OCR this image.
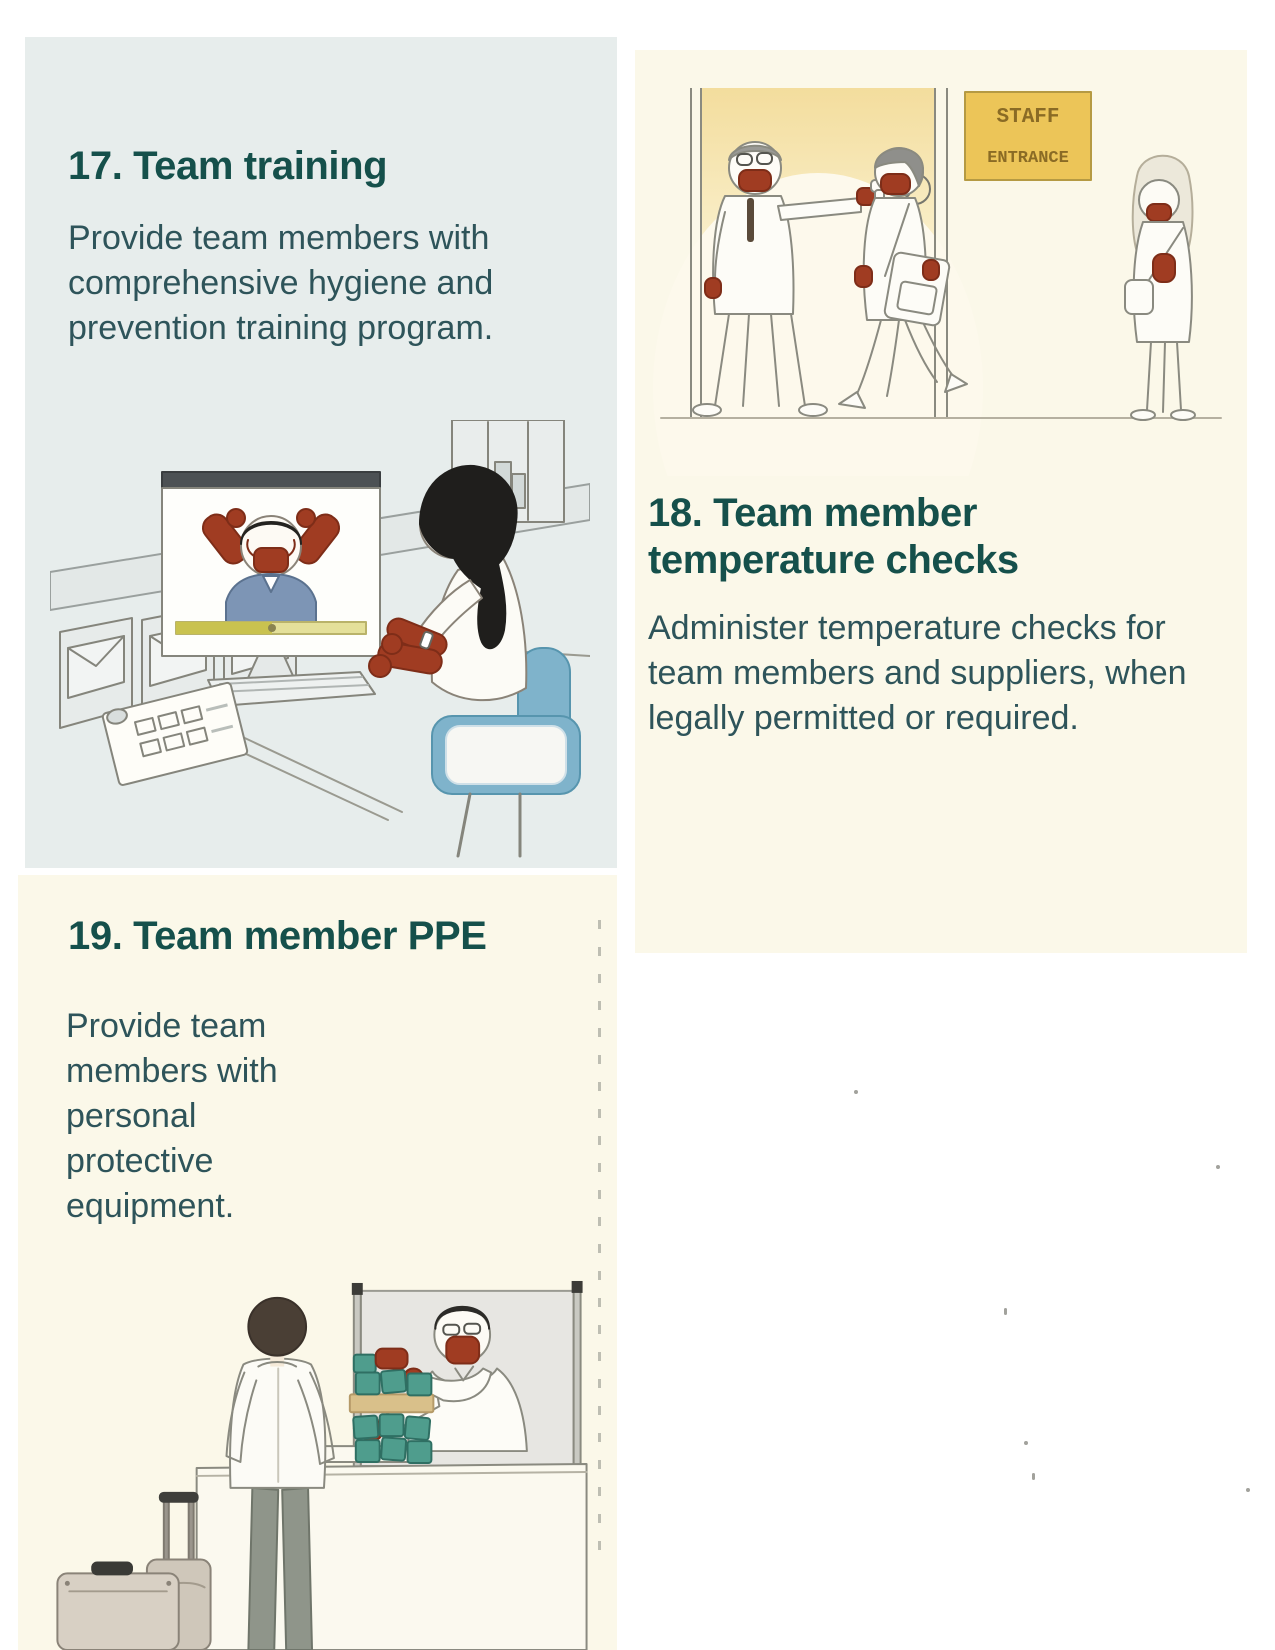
17. Team training

Provide team members with comprehensive hygiene and prevention training program.

STAFF
ENTRANCE
18. Team member temperature checks

Administer temperature checks for team members and suppliers, when legally permitted or required.

19. Team member PPE

Provide team members with personal protective equipment.
